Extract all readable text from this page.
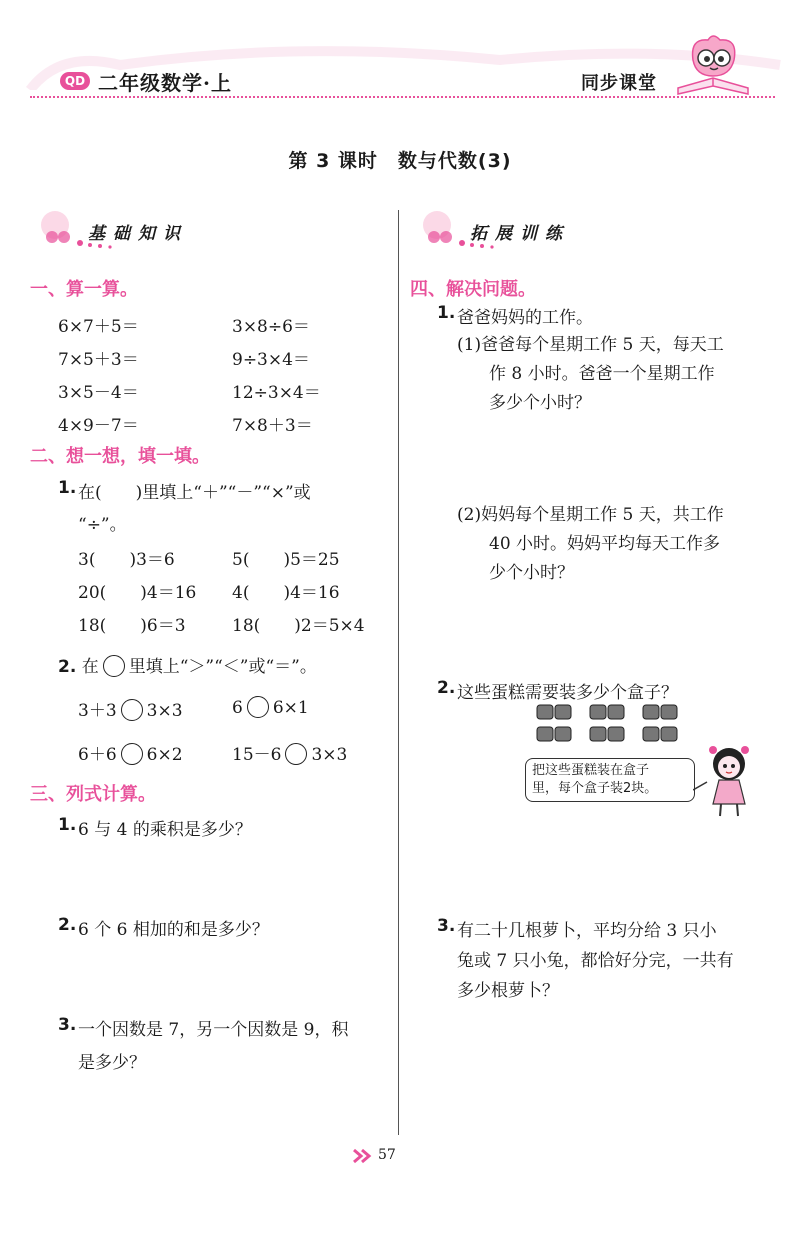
QD 二年级数学·上	同步课堂
第 3 课时　数与代数(3)
基础知识	拓展训练
一、算一算。
6×7＋5＝	3×8÷6＝
7×5＋3＝	9÷3×4＝
3×5－4＝	12÷3×4＝
4×9－7＝	7×8＋3＝
二、想一想，填一填。
1. 在(　　)里填上“＋”“－”“×”或
“÷”。
3(　　)3＝6	5(　　)5＝25
20(　　)4＝16 4(　　)4＝16
18(　　)6＝3	18(　　)2＝5×4
2. 在 里填上“＞”“＜”或“＝”。
3＋3 3×3	6 6×1
6＋6 6×2	15－6 3×3
三、列式计算。
1. 6 与 4 的乘积是多少？
2. 6 个 6 相加的和是多少？
3. 一个因数是 7，另一个因数是 9，积
是多少？
四、解决问题。
1. 爸爸妈妈的工作。
(1)爸爸每个星期工作 5 天，每天工
作 8 小时。爸爸一个星期工作
多少个小时？
(2)妈妈每个星期工作 5 天，共工作
40 小时。妈妈平均每天工作多
少个小时？
2. 这些蛋糕需要装多少个盒子？
把这些蛋糕装在盒子
里，每个盒子装2块。
3. 有二十几根萝卜，平均分给 3 只小
兔或 7 只小兔，都恰好分完，一共有
多少根萝卜？
57
